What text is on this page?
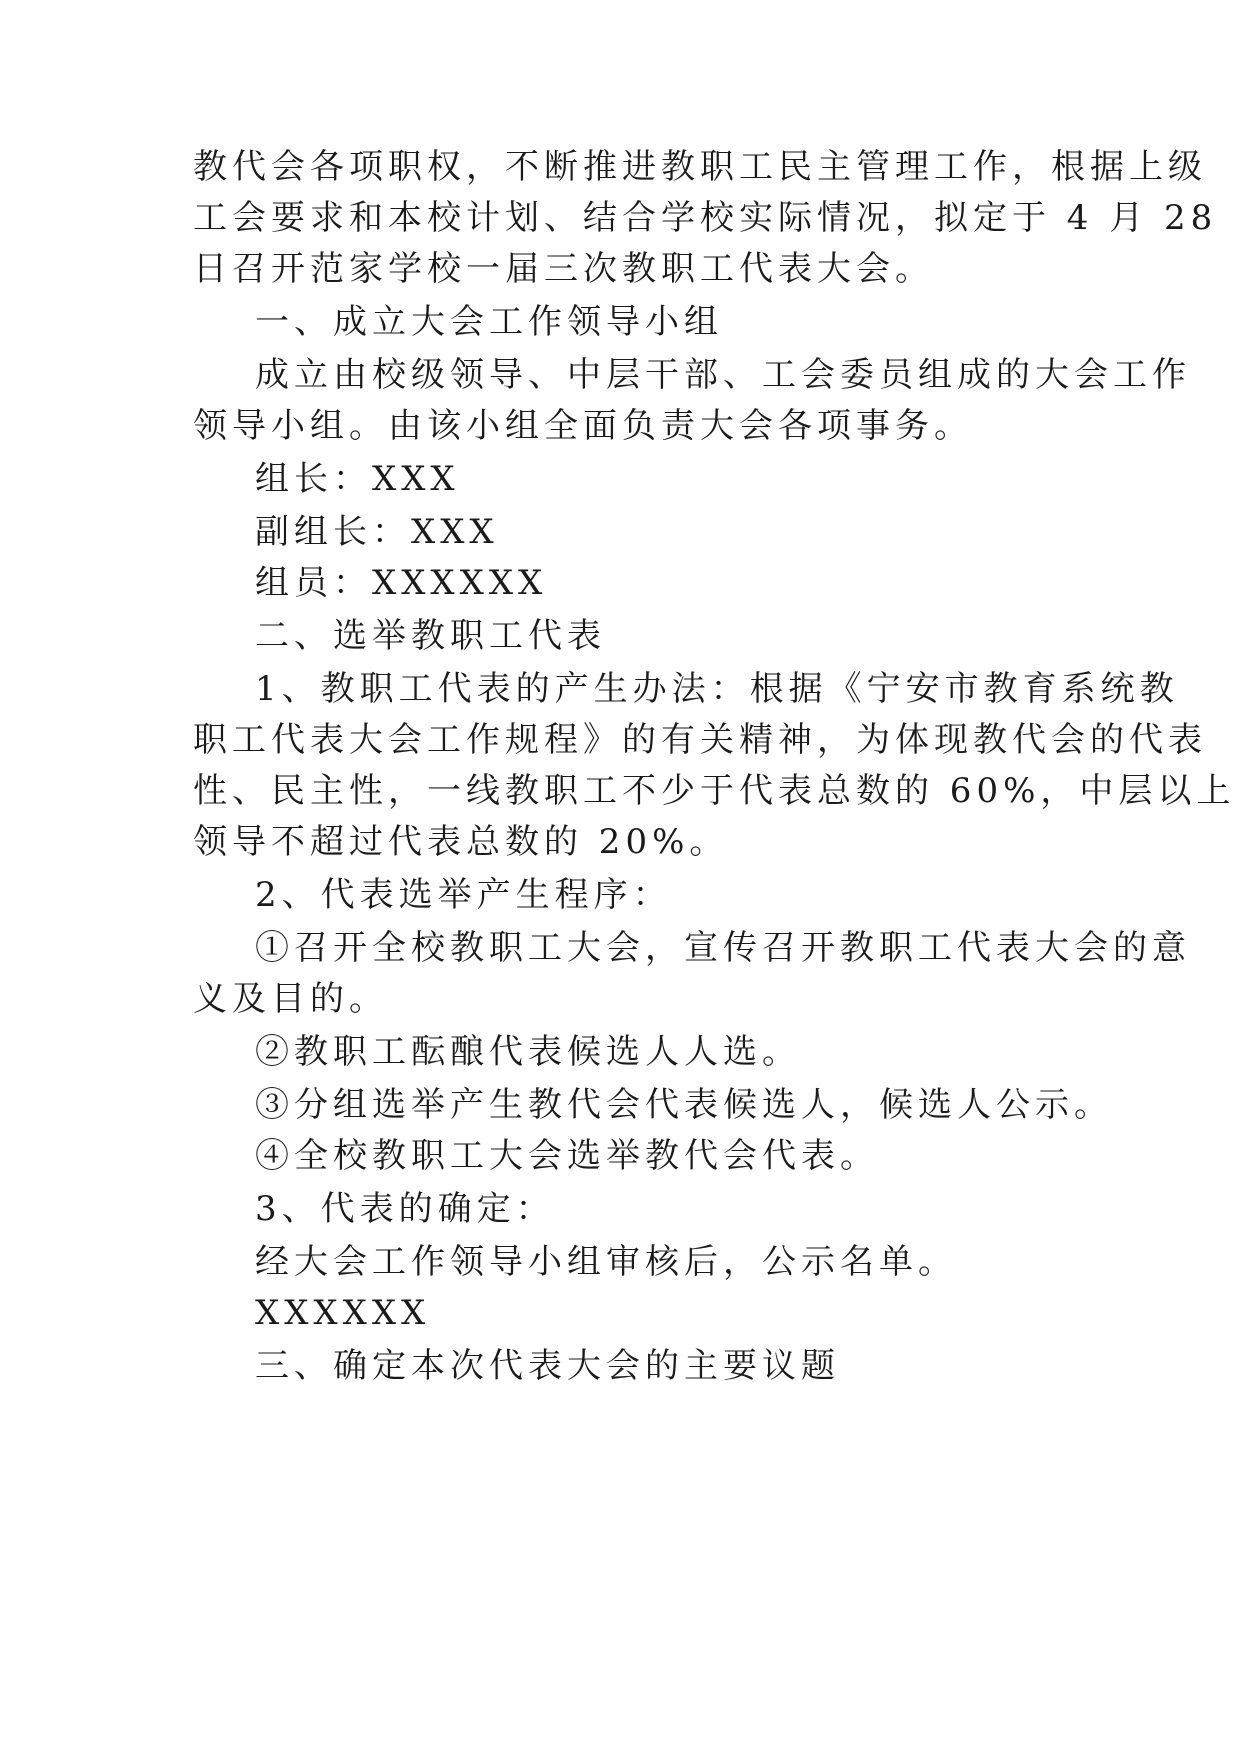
教代会各项职权，不断推进教职工民主管理工作，根据上级
工会要求和本校计划、结合学校实际情况，拟定于 4 月 28
日召开范家学校一届三次教职工代表大会。
一、成立大会工作领导小组
成立由校级领导、中层干部、工会委员组成的大会工作
领导小组。由该小组全面负责大会各项事务。
组长：XXX
副组长：XXX
组员：XXXXXX
二、选举教职工代表
1、教职工代表的产生办法：根据《宁安市教育系统教
职工代表大会工作规程》的有关精神，为体现教代会的代表
性、民主性，一线教职工不少于代表总数的 60%，中层以上
领导不超过代表总数的 20%。
2、代表选举产生程序：
①召开全校教职工大会，宣传召开教职工代表大会的意
义及目的。
②教职工酝酿代表候选人人选。
③分组选举产生教代会代表候选人，候选人公示。
④全校教职工大会选举教代会代表。
3、代表的确定：
经大会工作领导小组审核后，公示名单。
XXXXXX
三、确定本次代表大会的主要议题
